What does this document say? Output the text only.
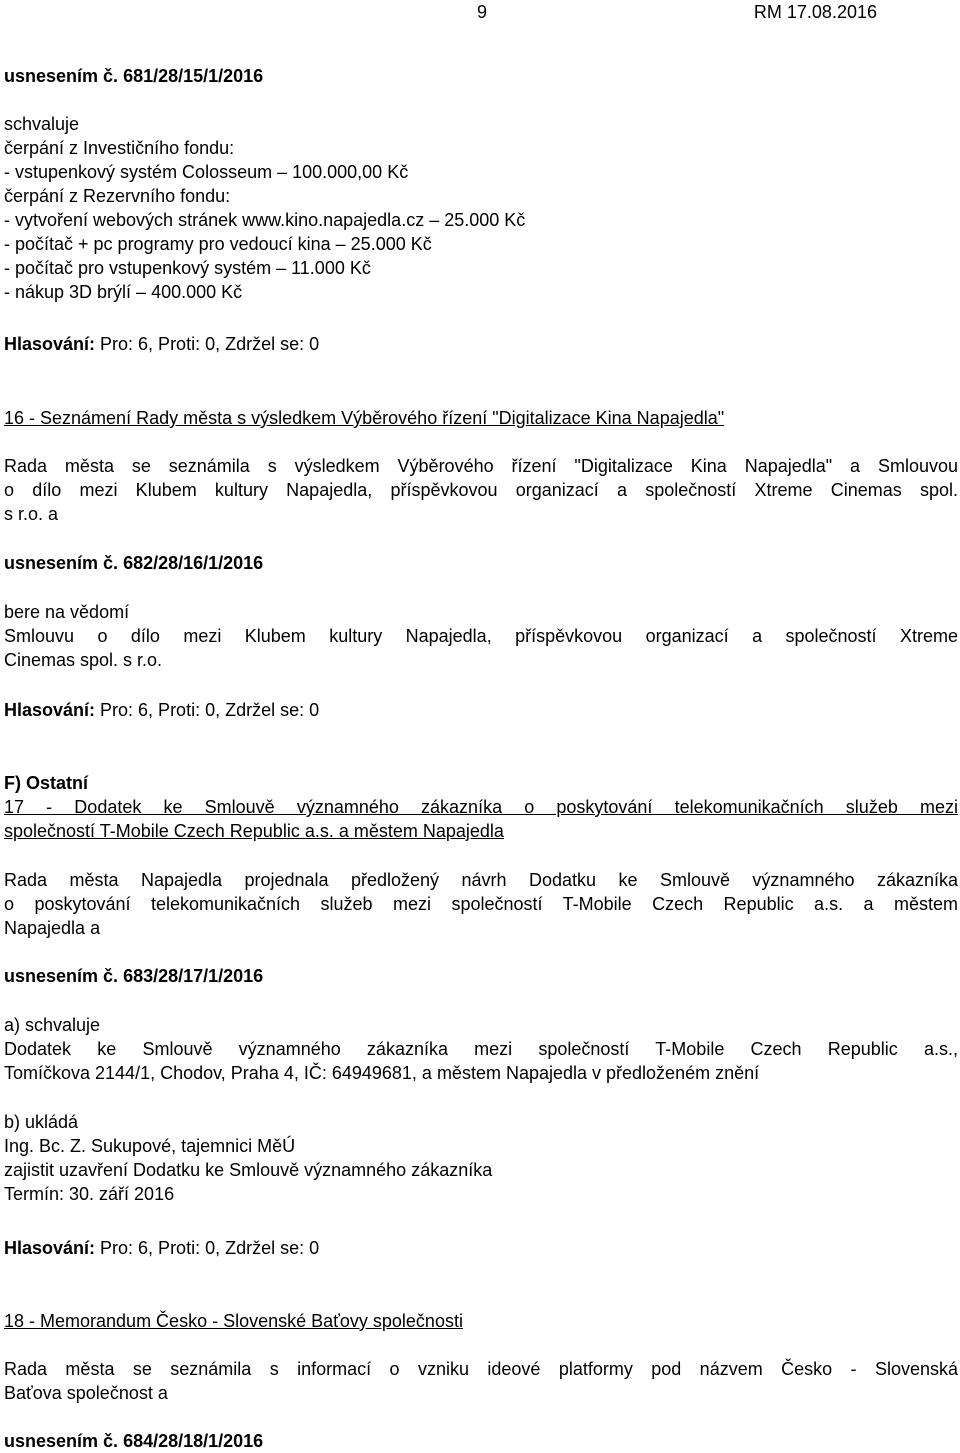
9	RM 17.08.2016
usnesením č. 681/28/15/1/2016
schvaluje
čerpání z Investičního fondu:
- vstupenkový systém Colosseum – 100.000,00 Kč
čerpání z Rezervního fondu:
- vytvoření webových stránek www.kino.napajedla.cz – 25.000 Kč
- počítač + pc programy pro vedoucí kina – 25.000 Kč
- počítač pro vstupenkový systém – 11.000 Kč
- nákup 3D brýlí – 400.000 Kč
Hlasování: Pro: 6, Proti: 0, Zdržel se: 0
16 - Seznámení Rady města s výsledkem Výběrového řízení "Digitalizace Kina Napajedla"
Rada města se seznámila s výsledkem Výběrového řízení "Digitalizace Kina Napajedla" a Smlouvou
o dílo mezi Klubem kultury Napajedla, příspěvkovou organizací a společností Xtreme Cinemas spol.
s r.o. a
usnesením č. 682/28/16/1/2016
bere na vědomí
Smlouvu o dílo mezi Klubem kultury Napajedla, příspěvkovou organizací a společností Xtreme
Cinemas spol. s r.o.
Hlasování: Pro: 6, Proti: 0, Zdržel se: 0
F) Ostatní
17 - Dodatek ke Smlouvě významného zákazníka o poskytování telekomunikačních služeb mezi
společností T-Mobile Czech Republic a.s. a městem Napajedla
Rada města Napajedla projednala předložený návrh Dodatku ke Smlouvě významného zákazníka
o poskytování telekomunikačních služeb mezi společností T-Mobile Czech Republic a.s. a městem
Napajedla a
usnesením č. 683/28/17/1/2016
a) schvaluje
Dodatek ke Smlouvě významného zákazníka mezi společností T-Mobile Czech Republic a.s.,
Tomíčkova 2144/1, Chodov, Praha 4, IČ: 64949681, a městem Napajedla v předloženém znění
b) ukládá
Ing. Bc. Z. Sukupové, tajemnici MěÚ
zajistit uzavření Dodatku ke Smlouvě významného zákazníka
Termín: 30. září 2016
Hlasování: Pro: 6, Proti: 0, Zdržel se: 0
18 - Memorandum Česko - Slovenské Baťovy společnosti
Rada města se seznámila s informací o vzniku ideové platformy pod názvem Česko - Slovenská
Baťova společnost a
usnesením č. 684/28/18/1/2016
